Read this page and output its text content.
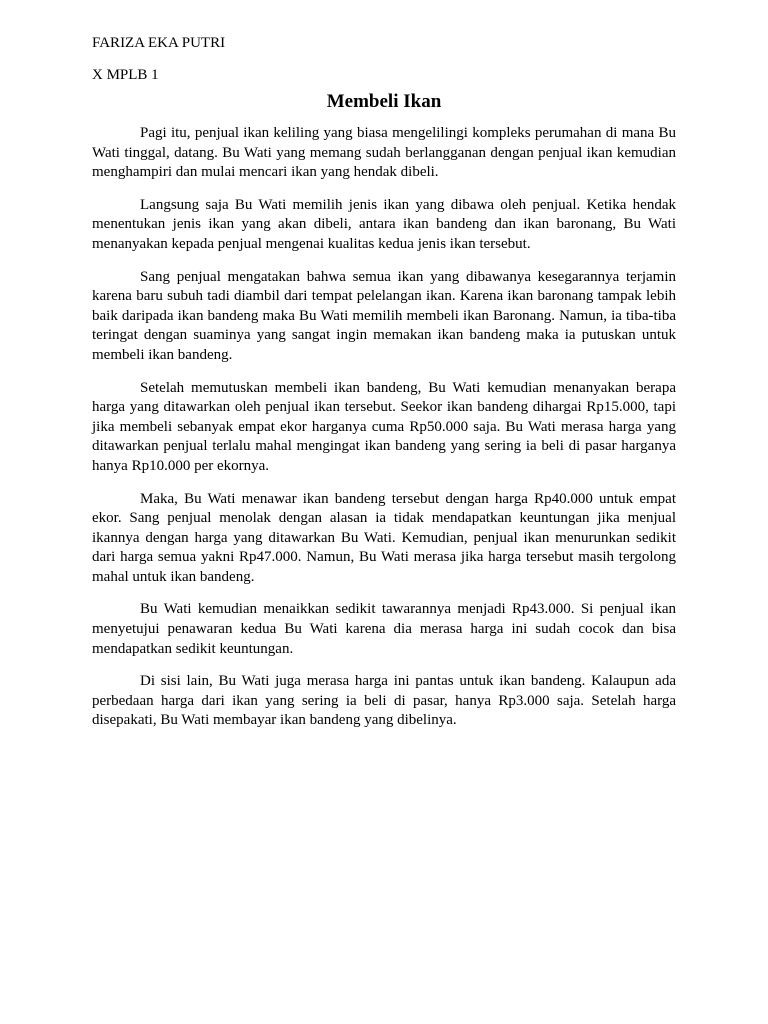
FARIZA EKA PUTRI

X MPLB 1

Membeli Ikan

Pagi itu, penjual ikan keliling yang biasa mengelilingi kompleks perumahan di mana Bu Wati tinggal, datang. Bu Wati yang memang sudah berlangganan dengan penjual ikan kemudian menghampiri dan mulai mencari ikan yang hendak dibeli.

Langsung saja Bu Wati memilih jenis ikan yang dibawa oleh penjual. Ketika hendak menentukan jenis ikan yang akan dibeli, antara ikan bandeng dan ikan baronang, Bu Wati menanyakan kepada penjual mengenai kualitas kedua jenis ikan tersebut.

Sang penjual mengatakan bahwa semua ikan yang dibawanya kesegarannya terjamin karena baru subuh tadi diambil dari tempat pelelangan ikan. Karena ikan baronang tampak lebih baik daripada ikan bandeng maka Bu Wati memilih membeli ikan Baronang. Namun, ia tiba-tiba teringat dengan suaminya yang sangat ingin memakan ikan bandeng maka ia putuskan untuk membeli ikan bandeng.

Setelah memutuskan membeli ikan bandeng, Bu Wati kemudian menanyakan berapa harga yang ditawarkan oleh penjual ikan tersebut. Seekor ikan bandeng dihargai Rp15.000, tapi jika membeli sebanyak empat ekor harganya cuma Rp50.000 saja. Bu Wati merasa harga yang ditawarkan penjual terlalu mahal mengingat ikan bandeng yang sering ia beli di pasar harganya hanya Rp10.000 per ekornya.

Maka, Bu Wati menawar ikan bandeng tersebut dengan harga Rp40.000 untuk empat ekor. Sang penjual menolak dengan alasan ia tidak mendapatkan keuntungan jika menjual ikannya dengan harga yang ditawarkan Bu Wati. Kemudian, penjual ikan menurunkan sedikit dari harga semua yakni Rp47.000. Namun, Bu Wati merasa jika harga tersebut masih tergolong mahal untuk ikan bandeng.

Bu Wati kemudian menaikkan sedikit tawarannya menjadi Rp43.000. Si penjual ikan menyetujui penawaran kedua Bu Wati karena dia merasa harga ini sudah cocok dan bisa mendapatkan sedikit keuntungan.

Di sisi lain, Bu Wati juga merasa harga ini pantas untuk ikan bandeng. Kalaupun ada perbedaan harga dari ikan yang sering ia beli di pasar, hanya Rp3.000 saja. Setelah harga disepakati, Bu Wati membayar ikan bandeng yang dibelinya.
